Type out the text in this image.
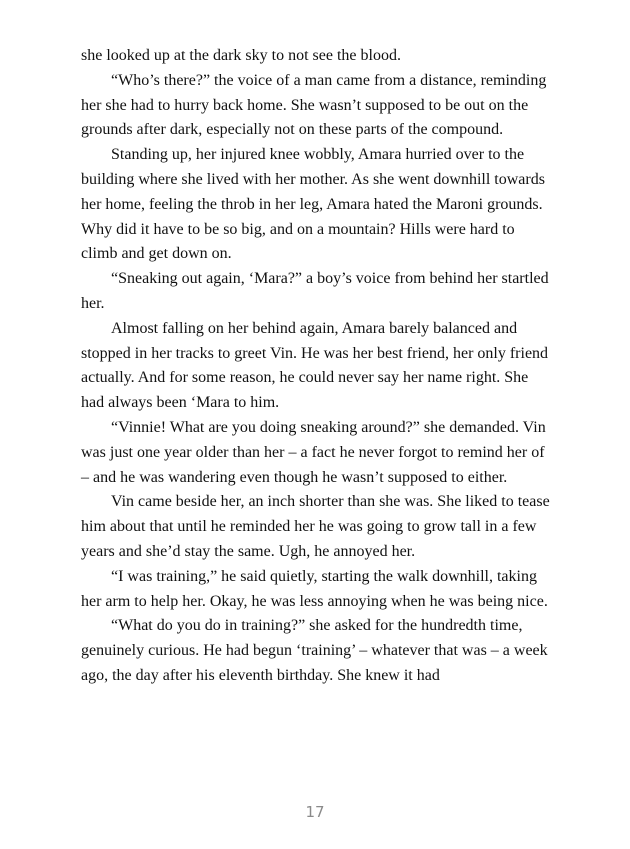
she looked up at the dark sky to not see the blood.

“Who’s there?” the voice of a man came from a distance, reminding her she had to hurry back home. She wasn’t supposed to be out on the grounds after dark, especially not on these parts of the compound.

Standing up, her injured knee wobbly, Amara hurried over to the building where she lived with her mother. As she went downhill towards her home, feeling the throb in her leg, Amara hated the Maroni grounds. Why did it have to be so big, and on a mountain? Hills were hard to climb and get down on.

“Sneaking out again, ‘Mara?” a boy’s voice from behind her startled her.

Almost falling on her behind again, Amara barely balanced and stopped in her tracks to greet Vin. He was her best friend, her only friend actually. And for some reason, he could never say her name right. She had always been ‘Mara to him.

“Vinnie! What are you doing sneaking around?” she demanded. Vin was just one year older than her – a fact he never forgot to remind her of – and he was wandering even though he wasn’t supposed to either.

Vin came beside her, an inch shorter than she was. She liked to tease him about that until he reminded her he was going to grow tall in a few years and she’d stay the same. Ugh, he annoyed her.

“I was training,” he said quietly, starting the walk downhill, taking her arm to help her. Okay, he was less annoying when he was being nice.

“What do you do in training?” she asked for the hundredth time, genuinely curious. He had begun ‘training’ – whatever that was – a week ago, the day after his eleventh birthday. She knew it had

17
